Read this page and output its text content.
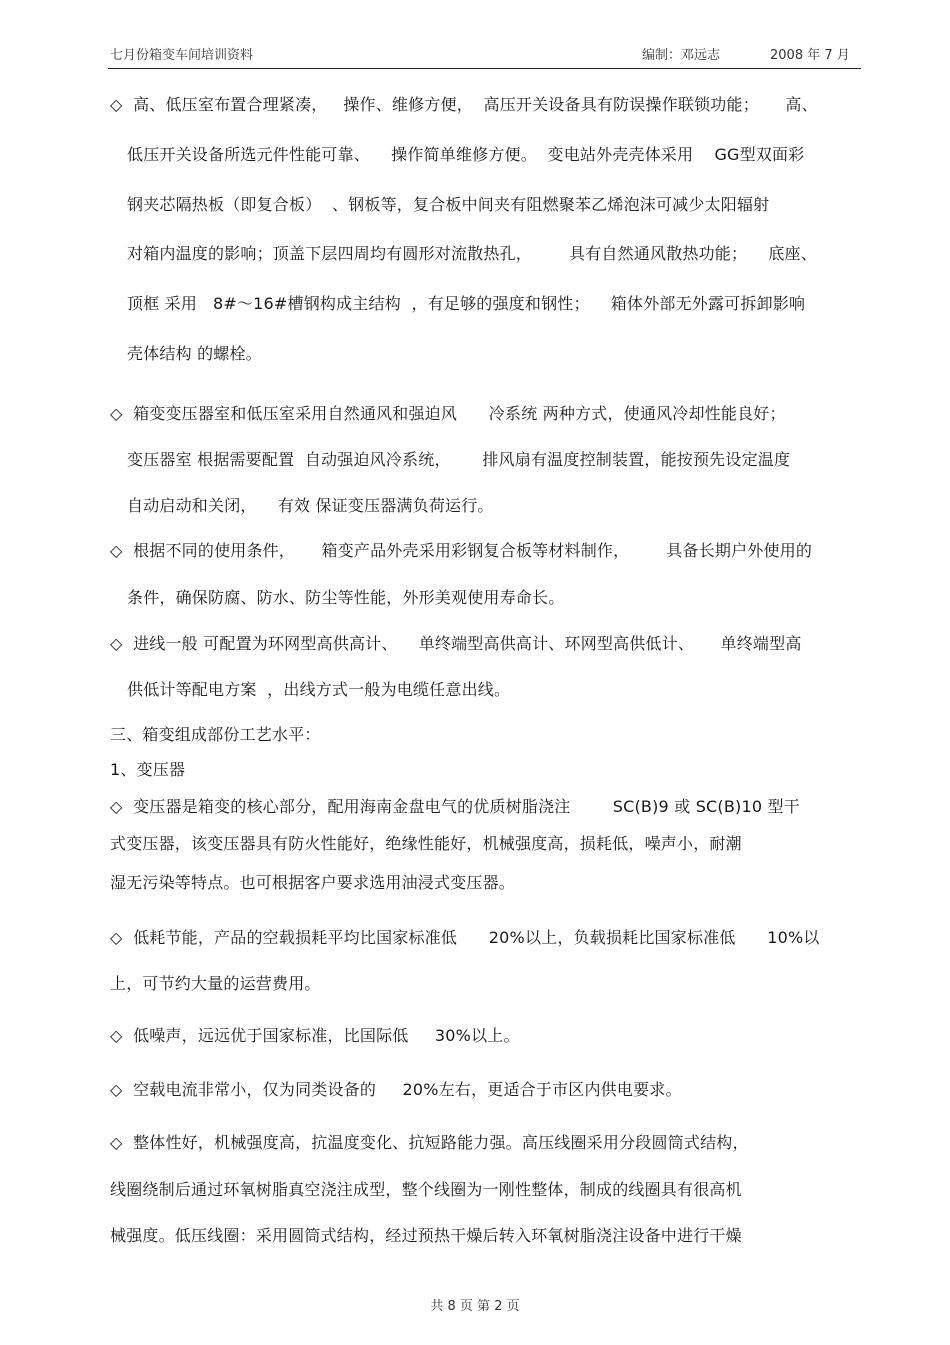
七月份箱变车间培训资料	编制：邓远志	2008 年 7 月
◇  高、低压室布置合理紧凑，   操作、维修方便，  高压开关设备具有防误操作联锁功能；     高、
低压开关设备所选元件性能可靠、    操作简单维修方便。  变电站外壳壳体采用    GG型双面彩
钢夹芯隔热板（即复合板）  、钢板等，复合板中间夹有阻燃聚苯乙烯泡沫可减少太阳辐射
对箱内温度的影响；顶盖下层四周均有圆形对流散热孔，       具有自然通风散热功能；    底座、
顶框 采用   8#～16#槽钢构成主结构  ，有足够的强度和钢性；    箱体外部无外露可拆卸影响
壳体结构 的螺栓。
◇  箱变变压器室和低压室采用自然通风和强迫风      冷系统 两种方式，使通风冷却性能良好；
变压器室 根据需要配置  自动强迫风冷系统，      排风扇有温度控制装置，能按预先设定温度
自动启动和关闭，    有效 保证变压器满负荷运行。
◇  根据不同的使用条件，     箱变产品外壳采用彩钢复合板等材料制作，       具备长期户外使用的
条件，确保防腐、防水、防尘等性能，外形美观使用寿命长。
◇  进线一般 可配置为环网型高供高计、    单终端型高供高计、环网型高供低计、     单终端型高
供低计等配电方案  ，出线方式一般为电缆任意出线。
三、箱变组成部份工艺水平：
1、变压器
◇  变压器是箱变的核心部分，配用海南金盘电气的优质树脂浇注        SC(B)9 或 SC(B)10 型干
式变压器，该变压器具有防火性能好，绝缘性能好，机械强度高，损耗低，噪声小，耐潮
湿无污染等特点。也可根据客户要求选用油浸式变压器。
◇  低耗节能，产品的空载损耗平均比国家标准低      20%以上，负载损耗比国家标准低      10%以
上，可节约大量的运营费用。
◇  低噪声，远远优于国家标准，比国际低     30%以上。
◇  空载电流非常小，仅为同类设备的     20%左右，更适合于市区内供电要求。
◇  整体性好，机械强度高，抗温度变化、抗短路能力强。高压线圈采用分段圆筒式结构，
线圈绕制后通过环氧树脂真空浇注成型，整个线圈为一刚性整体，制成的线圈具有很高机
械强度。低压线圈：采用圆筒式结构，经过预热干燥后转入环氧树脂浇注设备中进行干燥
共 8 页 第 2 页
